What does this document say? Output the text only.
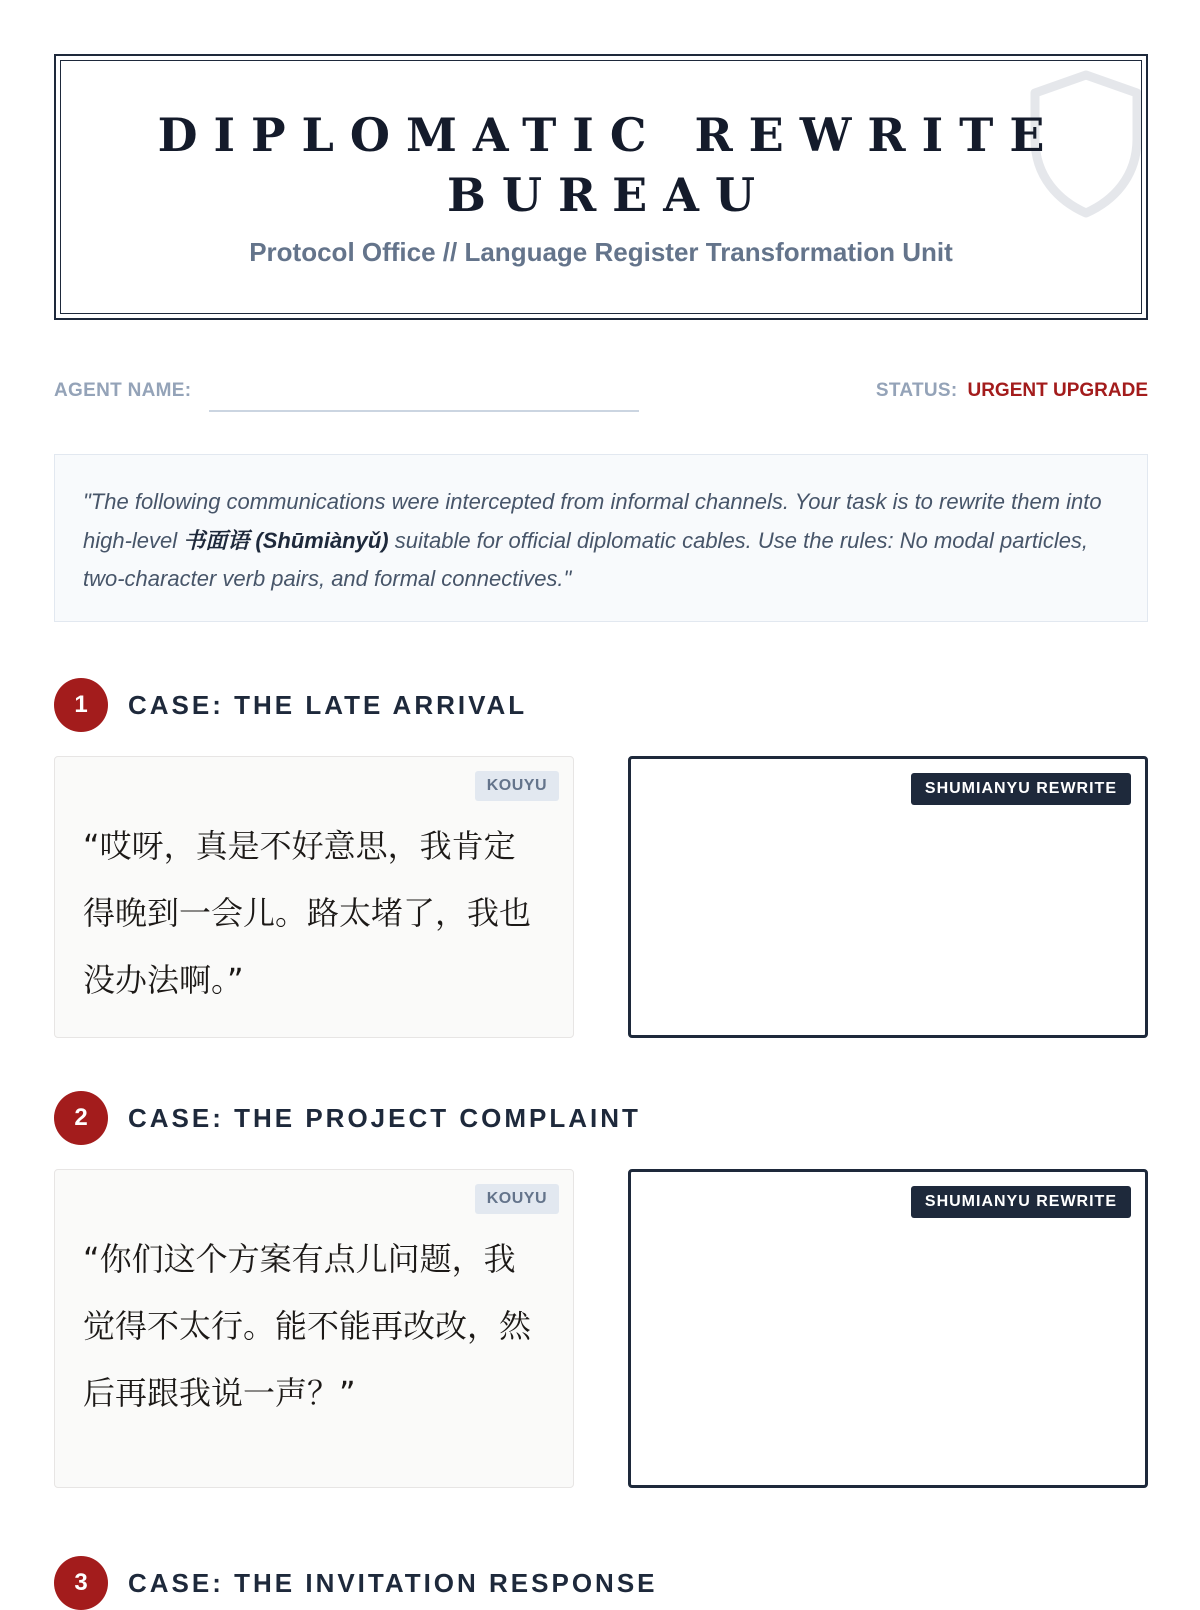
DIPLOMATIC REWRITE BUREAU
Protocol Office // Language Register Transformation Unit
AGENT NAME:	STATUS: URGENT UPGRADE
"The following communications were intercepted from informal channels. Your task is to rewrite them into high-level 书面语 (Shūmiànyǔ) suitable for official diplomatic cables. Use the rules: No modal particles, two-character verb pairs, and formal connectives."
1	CASE: THE LATE ARRIVAL
KOUYU
“哎呀，真是不好意思，我肯定得晚到一会儿。路太堵了，我也没办法啊。”
SHUMIANYU REWRITE
2	CASE: THE PROJECT COMPLAINT
KOUYU
“你们这个方案有点儿问题，我觉得不太行。能不能再改改，然后再跟我说一声？”
SHUMIANYU REWRITE
3	CASE: THE INVITATION RESPONSE
